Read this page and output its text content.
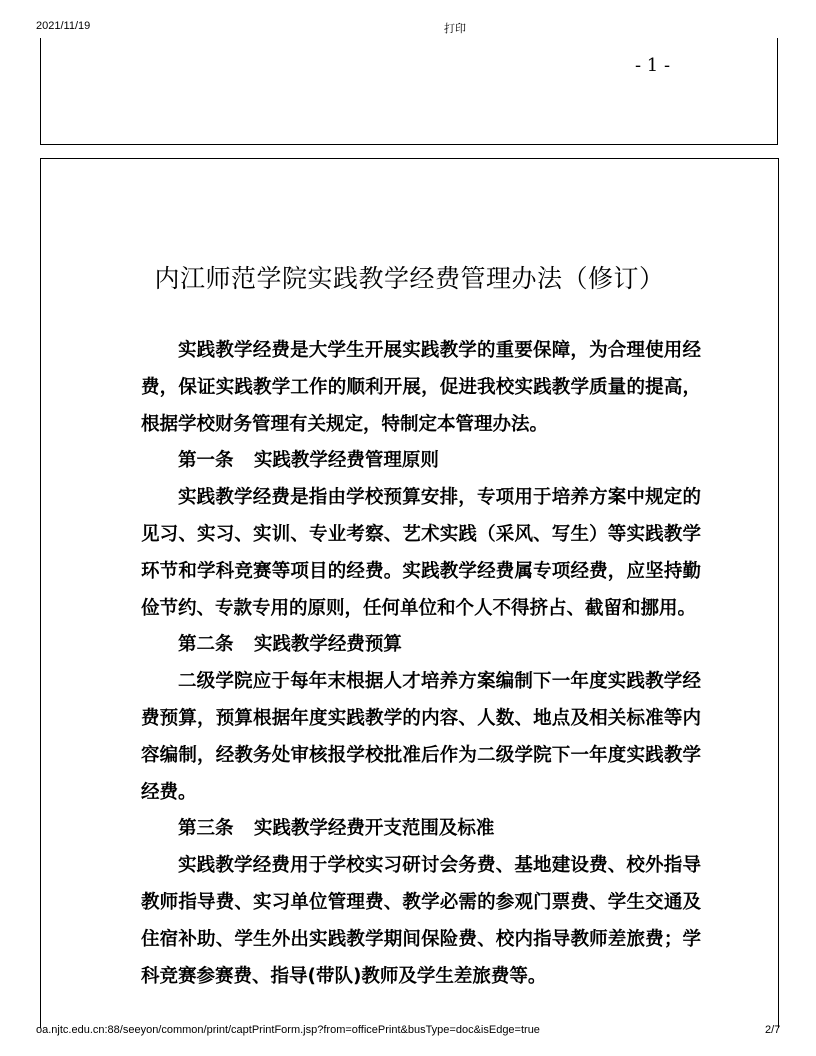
2021/11/19	打印
- 1 -
内江师范学院实践教学经费管理办法（修订）

实践教学经费是大学生开展实践教学的重要保障，为合理使用经费，保证实践教学工作的顺利开展，促进我校实践教学质量的提高，根据学校财务管理有关规定，特制定本管理办法。

第一条 实践教学经费管理原则

实践教学经费是指由学校预算安排，专项用于培养方案中规定的见习、实习、实训、专业考察、艺术实践（采风、写生）等实践教学环节和学科竞赛等项目的经费。实践教学经费属专项经费，应坚持勤俭节约、专款专用的原则，任何单位和个人不得挤占、截留和挪用。

第二条 实践教学经费预算

二级学院应于每年末根据人才培养方案编制下一年度实践教学经费预算，预算根据年度实践教学的内容、人数、地点及相关标准等内容编制，经教务处审核报学校批准后作为二级学院下一年度实践教学经费。

第三条 实践教学经费开支范围及标准

实践教学经费用于学校实习研讨会务费、基地建设费、校外指导教师指导费、实习单位管理费、教学必需的参观门票费、学生交通及住宿补助、学生外出实践教学期间保险费、校内指导教师差旅费；学科竞赛参赛费、指导(带队)教师及学生差旅费等。

oa.njtc.edu.cn:88/seeyon/common/print/captPrintForm.jsp?from=officePrint&busType=doc&isEdge=true	2/7
